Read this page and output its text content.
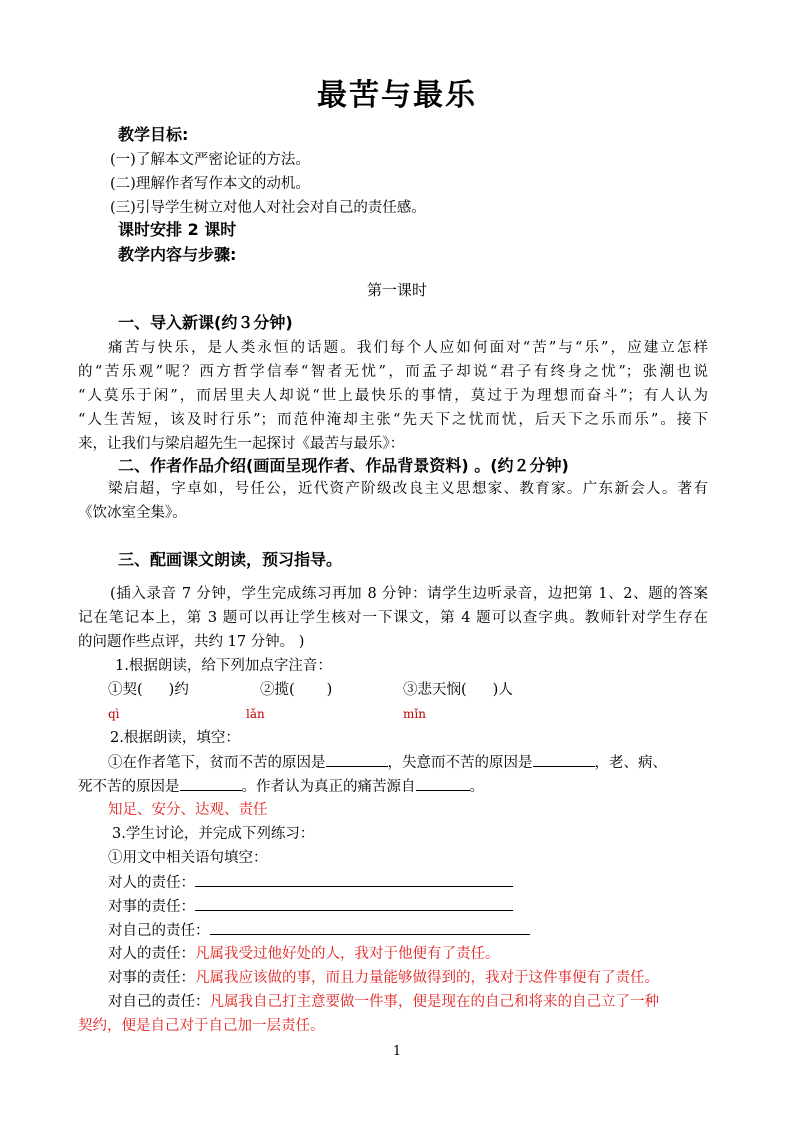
最苦与最乐
教学目标:
(一)了解本文严密论证的方法。
(二)理解作者写作本文的动机。
(三)引导学生树立对他人对社会对自己的责任感。
课时安排 2 课时
教学内容与步骤:
第一课时
一、导入新课(约３分钟)
痛苦与快乐，是人类永恒的话题。我们每个人应如何面对“苦”与“乐”，应建立怎样
的“苦乐观”呢？西方哲学信奉“智者无忧”，而孟子却说“君子有终身之忧”；张潮也说
“人莫乐于闲”，而居里夫人却说“世上最快乐的事情，莫过于为理想而奋斗”；有人认为
“人生苦短，该及时行乐”；而范仲淹却主张“先天下之忧而忧，后天下之乐而乐”。接下
来，让我们与梁启超先生一起探讨《最苦与最乐》：
二、作者作品介绍(画面呈现作者、作品背景资料) 。(约２分钟)
梁启超，字卓如，号任公，近代资产阶级改良主义思想家、教育家。广东新会人。著有
《饮冰室全集》。
三、配画课文朗读，预习指导。
(插入录音 7 分钟，学生完成练习再加 8 分钟：请学生边听录音，边把第 1、2、题的答案
记在笔记本上，第 3 题可以再让学生核对一下课文，第 4 题可以查字典。教师针对学生存在
的问题作些点评，共约 17 分钟。 )
1.根据朗读，给下列加点字注音：
①契( )约	②揽( )	③悲天悯( )人
qì	lǎn	mǐn
2.根据朗读，填空：
①在作者笔下，贫而不苦的原因是	，失意而不苦的原因是	，老、病、
死不苦的原因是	。作者认为真正的痛苦源自	。
知足、安分、达观、责任
3.学生讨论，并完成下列练习：
①用文中相关语句填空：
对人的责任：
对事的责任：
对自己的责任：
对人的责任：凡属我受过他好处的人，我对于他便有了责任。
对事的责任：凡属我应该做的事，而且力量能够做得到的，我对于这件事便有了责任。
对自己的责任：凡属我自己打主意要做一件事，便是现在的自己和将来的自己立了一种
契约，便是自己对于自己加一层责任。
1
